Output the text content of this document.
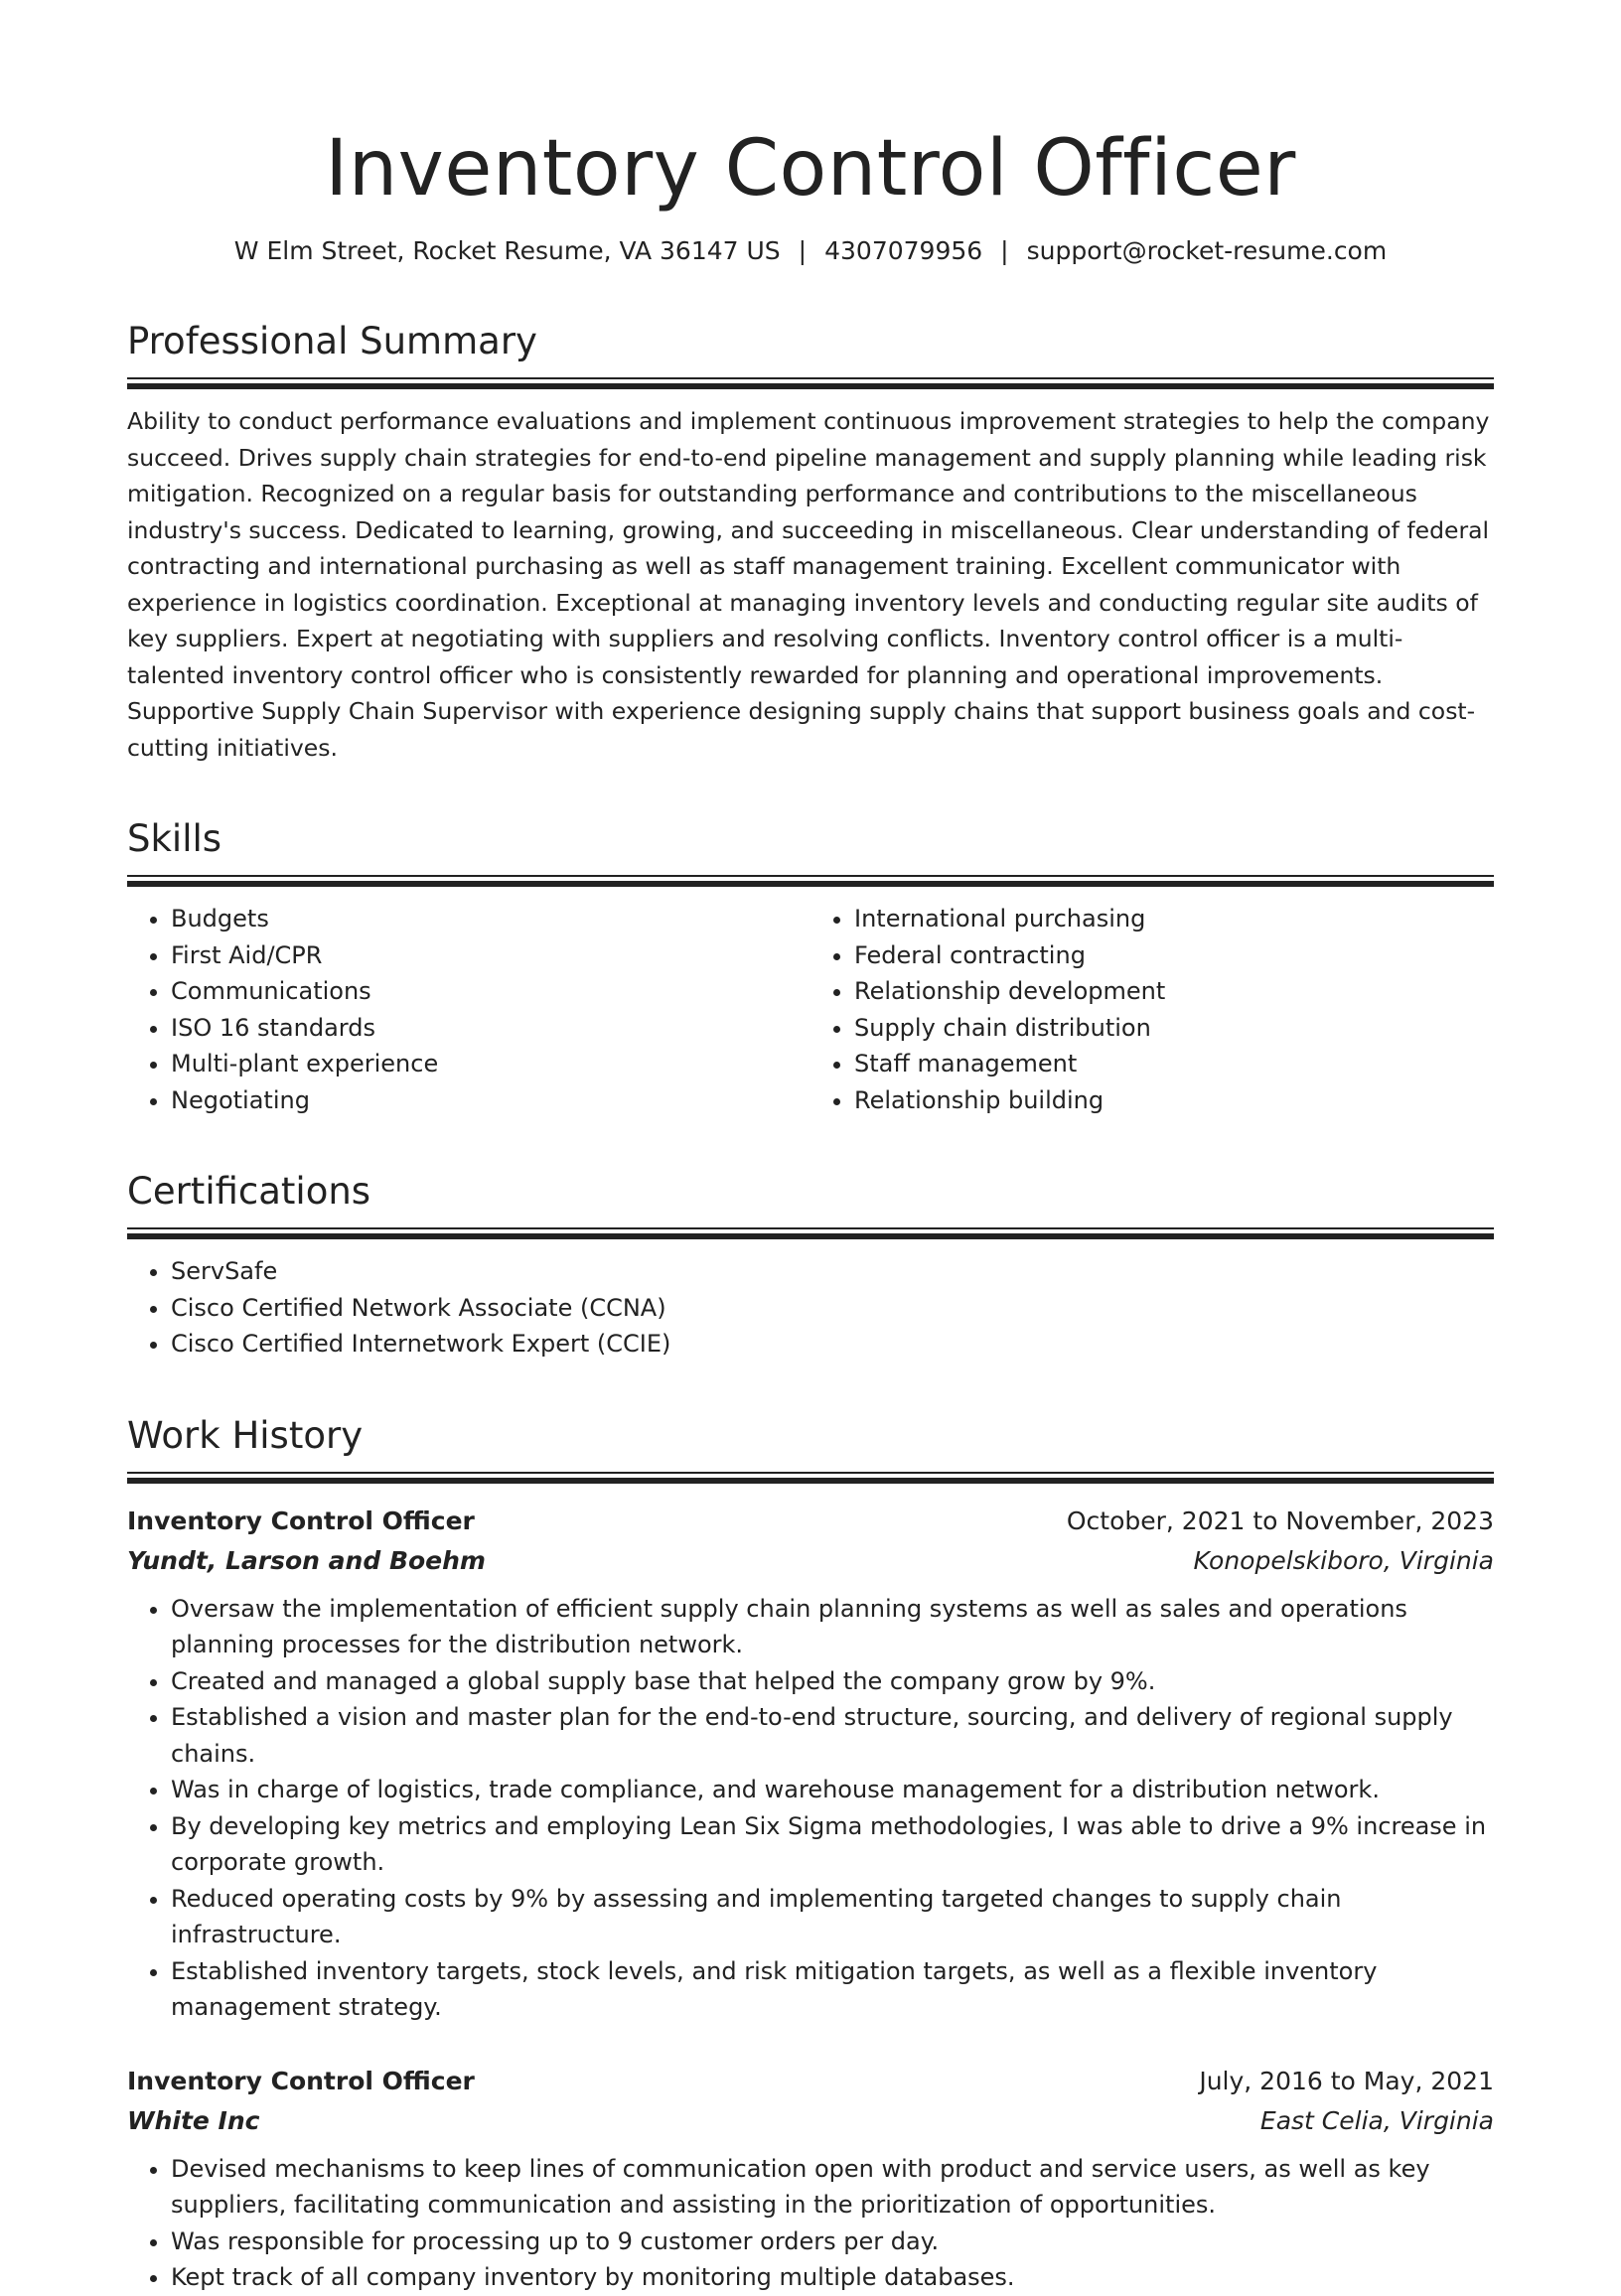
Inventory Control Officer
W Elm Street, Rocket Resume, VA 36147 US | 4307079956 | support@rocket-resume.com
Professional Summary
Ability to conduct performance evaluations and implement continuous improvement strategies to help the company succeed. Drives supply chain strategies for end-to-end pipeline management and supply planning while leading risk mitigation. Recognized on a regular basis for outstanding performance and contributions to the miscellaneous industry's success. Dedicated to learning, growing, and succeeding in miscellaneous. Clear understanding of federal contracting and international purchasing as well as staff management training. Excellent communicator with experience in logistics coordination. Exceptional at managing inventory levels and conducting regular site audits of key suppliers. Expert at negotiating with suppliers and resolving conflicts. Inventory control officer is a multi-talented inventory control officer who is consistently rewarded for planning and operational improvements. Supportive Supply Chain Supervisor with experience designing supply chains that support business goals and cost-cutting initiatives.
Skills
• Budgets
• First Aid/CPR
• Communications
• ISO 16 standards
• Multi-plant experience
• Negotiating
• International purchasing
• Federal contracting
• Relationship development
• Supply chain distribution
• Staff management
• Relationship building
Certifications
• ServSafe
• Cisco Certified Network Associate (CCNA)
• Cisco Certified Internetwork Expert (CCIE)
Work History
Inventory Control Officer	October, 2021 to November, 2023
Yundt, Larson and Boehm	Konopelskiboro, Virginia
• Oversaw the implementation of efficient supply chain planning systems as well as sales and operations planning processes for the distribution network.
• Created and managed a global supply base that helped the company grow by 9%.
• Established a vision and master plan for the end-to-end structure, sourcing, and delivery of regional supply chains.
• Was in charge of logistics, trade compliance, and warehouse management for a distribution network.
• By developing key metrics and employing Lean Six Sigma methodologies, I was able to drive a 9% increase in corporate growth.
• Reduced operating costs by 9% by assessing and implementing targeted changes to supply chain infrastructure.
• Established inventory targets, stock levels, and risk mitigation targets, as well as a flexible inventory management strategy.
Inventory Control Officer	July, 2016 to May, 2021
White Inc	East Celia, Virginia
• Devised mechanisms to keep lines of communication open with product and service users, as well as key suppliers, facilitating communication and assisting in the prioritization of opportunities.
• Was responsible for processing up to 9 customer orders per day.
• Kept track of all company inventory by monitoring multiple databases.
